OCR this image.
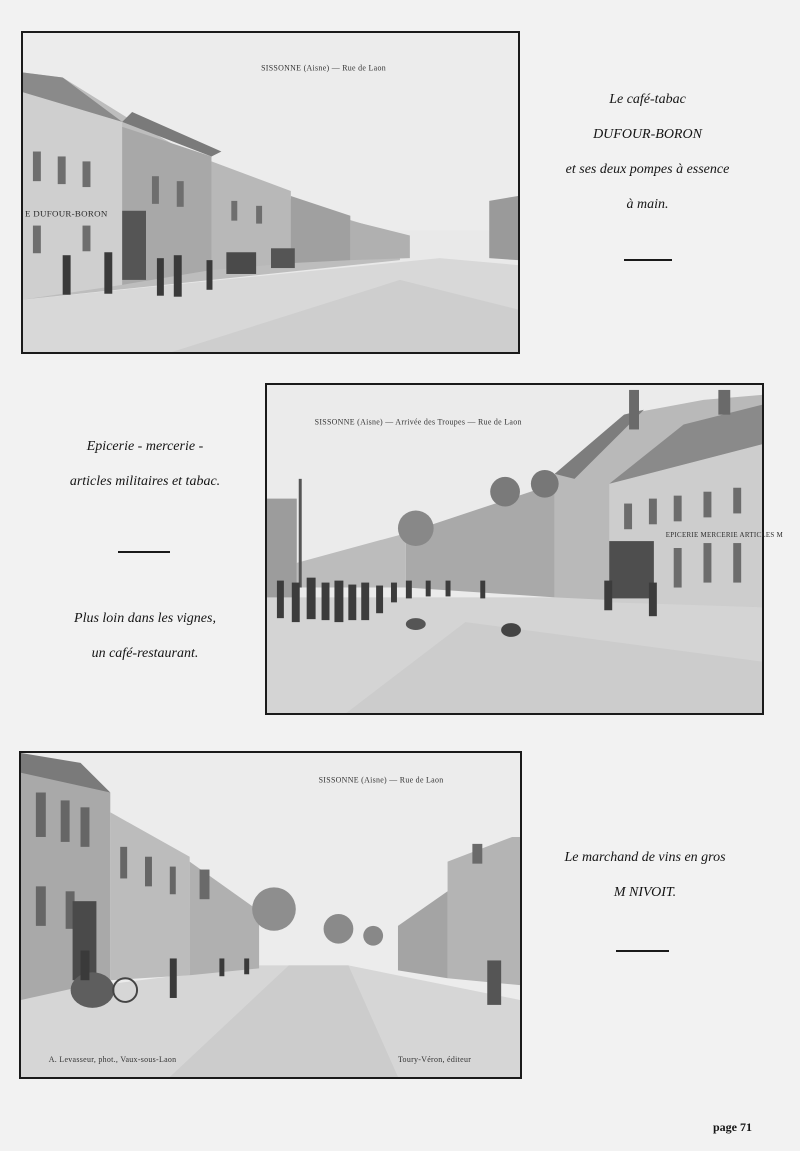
SISSONNE (Aisne) — Rue de Laon
E DUFOUR-BORON
Le café-tabac
DUFOUR-BORON
et ses deux pompes à essence
à main.
SISSONNE (Aisne) — Arrivée des Troupes — Rue de Laon
EPICERIE MERCERIE ARTICLES M
Epicerie - mercerie -
articles militaires et tabac.
Plus loin dans les vignes,
un café-restaurant.
SISSONNE (Aisne) — Rue de Laon
A. Levasseur, phot., Vaux-sous-Laon	Toury-Véron, éditeur
Le marchand de vins en gros
M NIVOIT.
page 71
